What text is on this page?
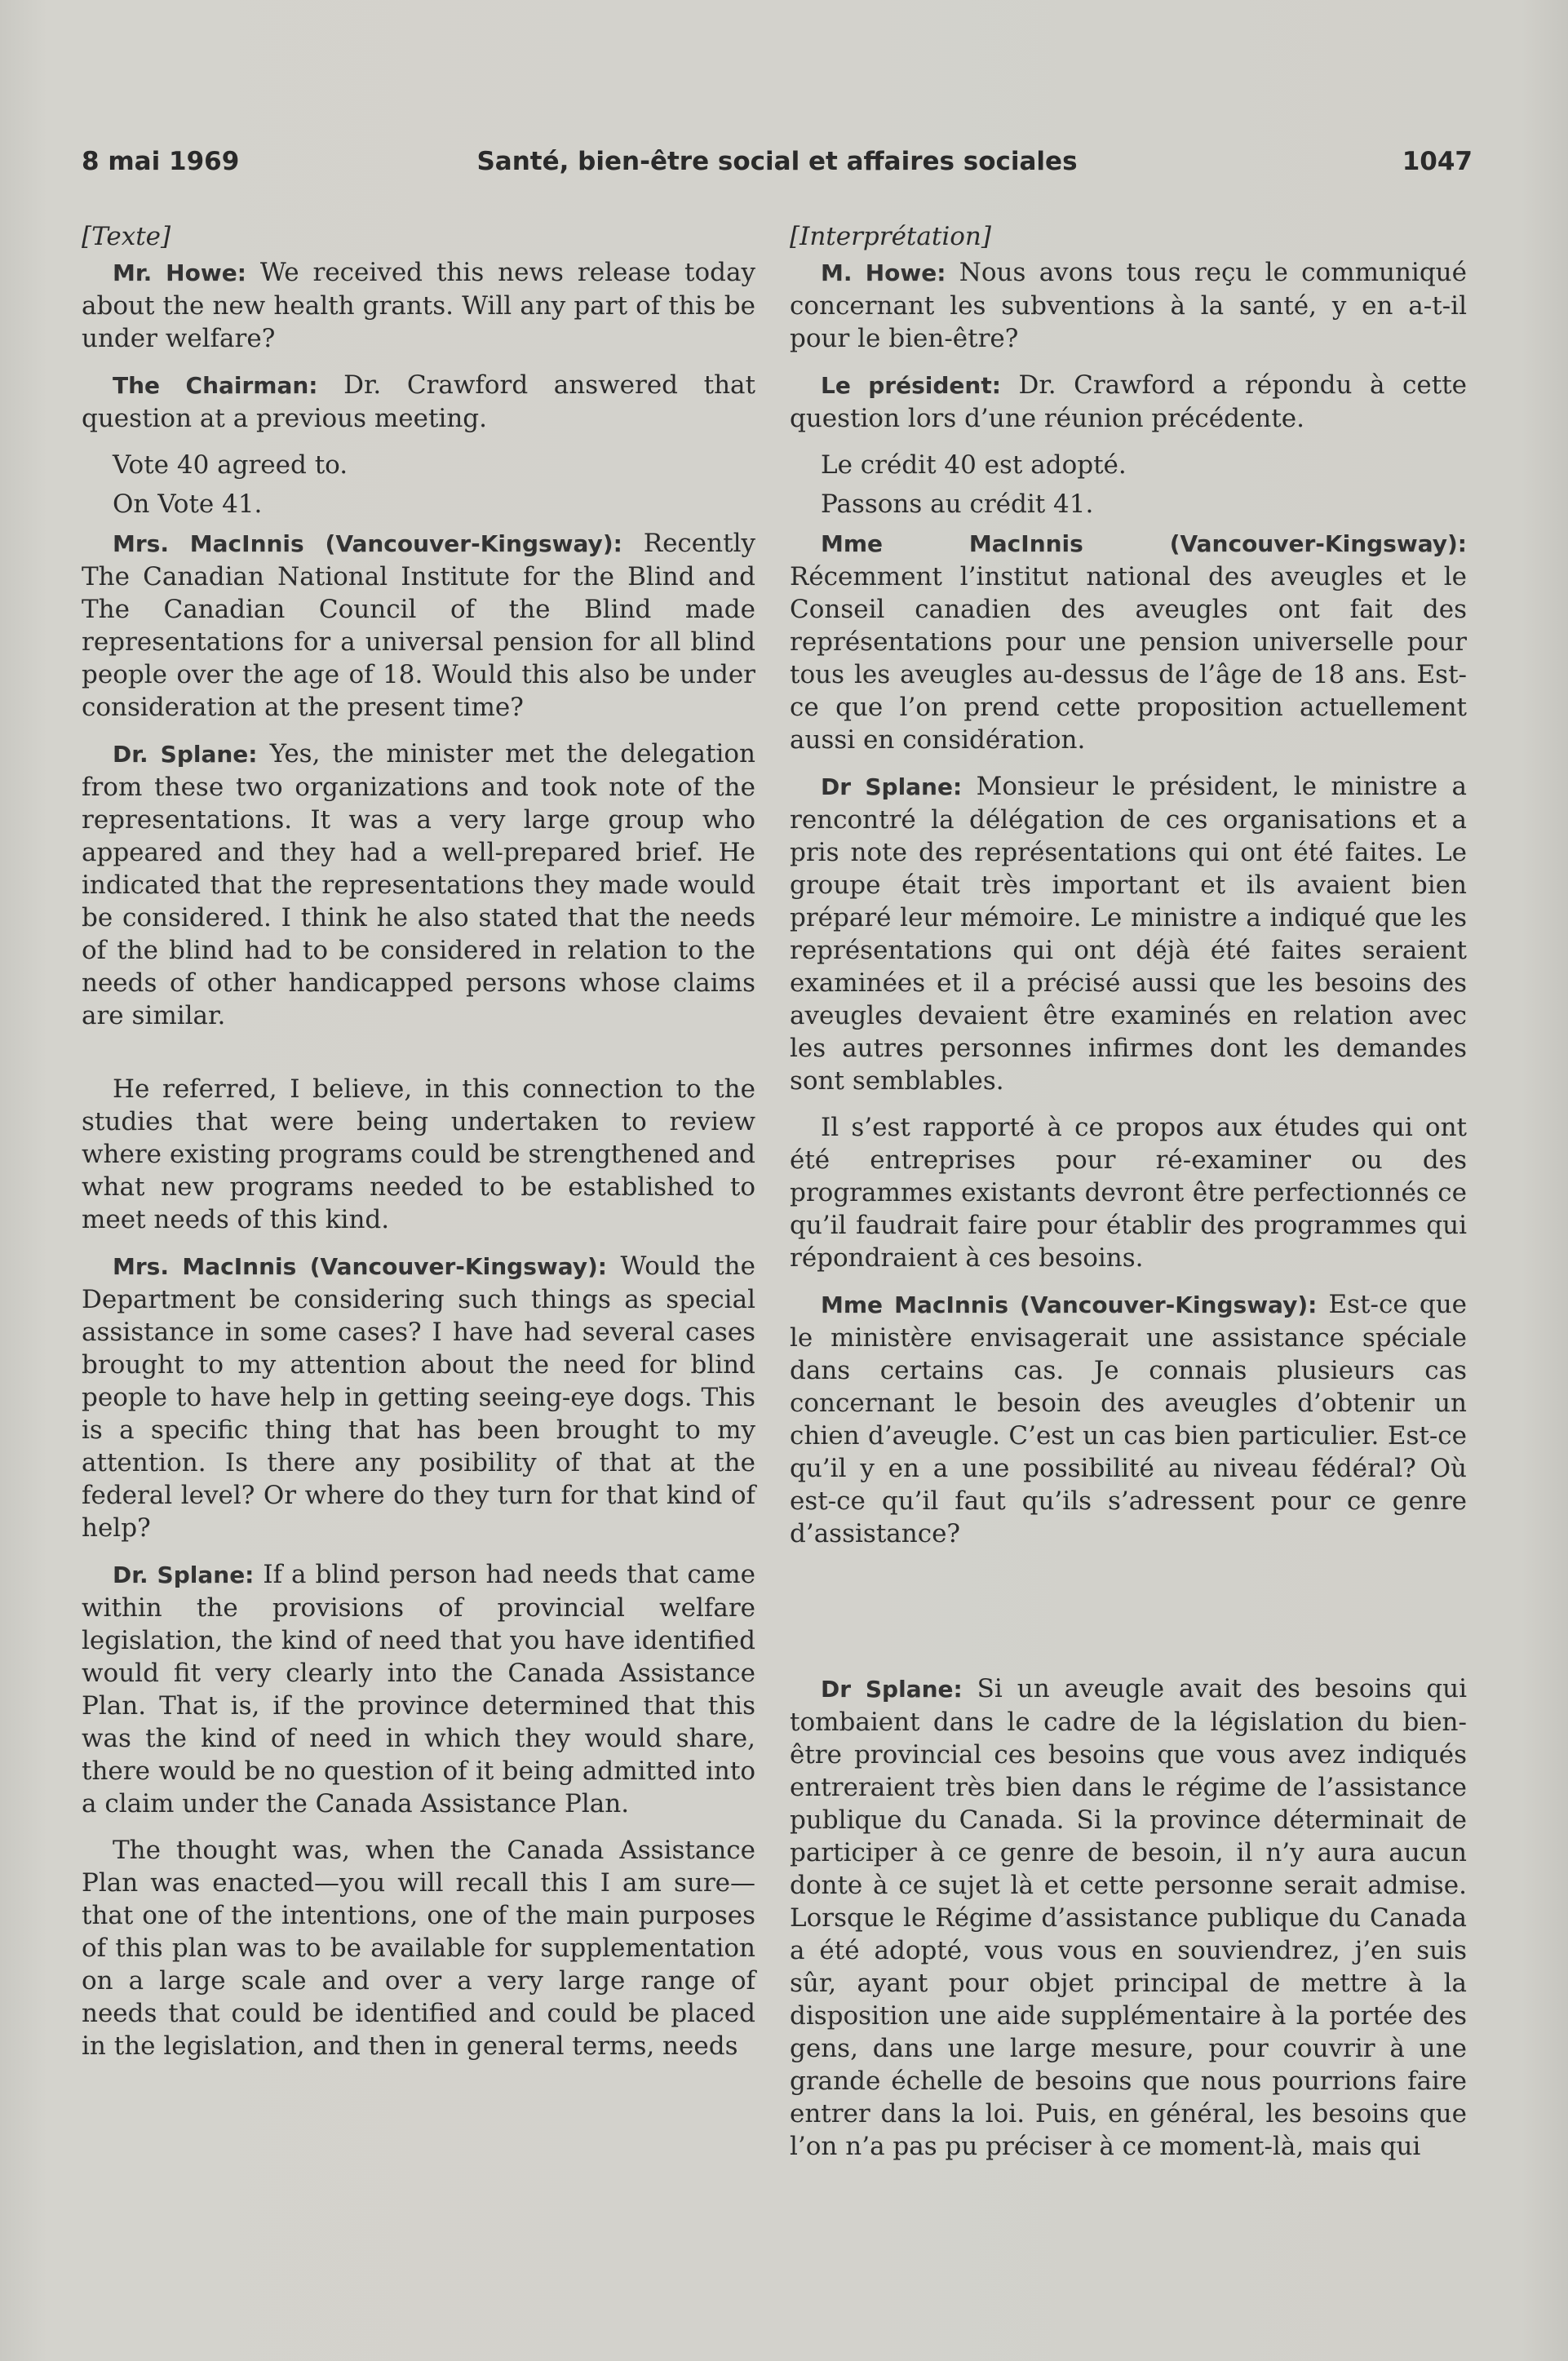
8 mai 1969	Santé, bien-être social et affaires sociales	1047

[Texte]

Mr. Howe: We received this news release today about the new health grants. Will any part of this be under welfare?

The Chairman: Dr. Crawford answered that question at a previous meeting.

Vote 40 agreed to.

On Vote 41.

Mrs. MacInnis (Vancouver-Kingsway): Recently The Canadian National Institute for the Blind and The Canadian Council of the Blind made representations for a universal pension for all blind people over the age of 18. Would this also be under consideration at the present time?

Dr. Splane: Yes, the minister met the delegation from these two organizations and took note of the representations. It was a very large group who appeared and they had a well-prepared brief. He indicated that the representations they made would be considered. I think he also stated that the needs of the blind had to be considered in relation to the needs of other handicapped persons whose claims are similar.

He referred, I believe, in this connection to the studies that were being undertaken to review where existing programs could be strengthened and what new programs needed to be established to meet needs of this kind.

Mrs. MacInnis (Vancouver-Kingsway): Would the Department be considering such things as special assistance in some cases? I have had several cases brought to my attention about the need for blind people to have help in getting seeing-eye dogs. This is a specific thing that has been brought to my attention. Is there any posibility of that at the federal level? Or where do they turn for that kind of help?

Dr. Splane: If a blind person had needs that came within the provisions of provincial welfare legislation, the kind of need that you have identified would fit very clearly into the Canada Assistance Plan. That is, if the province determined that this was the kind of need in which they would share, there would be no question of it being admitted into a claim under the Canada Assistance Plan.

The thought was, when the Canada Assistance Plan was enacted—you will recall this I am sure—that one of the intentions, one of the main purposes of this plan was to be available for supplementation on a large scale and over a very large range of needs that could be identified and could be placed in the legislation, and then in general terms, needs

[Interprétation]

M. Howe: Nous avons tous reçu le communiqué concernant les subventions à la santé, y en a-t-il pour le bien-être?

Le président: Dr. Crawford a répondu à cette question lors d’une réunion précédente.

Le crédit 40 est adopté.

Passons au crédit 41.

Mme MacInnis (Vancouver-Kingsway): Récemment l’institut national des aveugles et le Conseil canadien des aveugles ont fait des représentations pour une pension universelle pour tous les aveugles au-dessus de l’âge de 18 ans. Est-ce que l’on prend cette proposition actuellement aussi en considération.

Dr Splane: Monsieur le président, le ministre a rencontré la délégation de ces organisations et a pris note des représentations qui ont été faites. Le groupe était très important et ils avaient bien préparé leur mémoire. Le ministre a indiqué que les représentations qui ont déjà été faites seraient examinées et il a précisé aussi que les besoins des aveugles devaient être examinés en relation avec les autres personnes infirmes dont les demandes sont semblables.

Il s’est rapporté à ce propos aux études qui ont été entreprises pour ré-examiner ou des programmes existants devront être perfectionnés ce qu’il faudrait faire pour établir des programmes qui répondraient à ces besoins.

Mme MacInnis (Vancouver-Kingsway): Est-ce que le ministère envisagerait une assistance spéciale dans certains cas. Je connais plusieurs cas concernant le besoin des aveugles d’obtenir un chien d’aveugle. C’est un cas bien particulier. Est-ce qu’il y en a une possibilité au niveau fédéral? Où est-ce qu’il faut qu’ils s’adressent pour ce genre d’assistance?

Dr Splane: Si un aveugle avait des besoins qui tombaient dans le cadre de la législation du bien-être provincial ces besoins que vous avez indiqués entreraient très bien dans le régime de l’assistance publique du Canada. Si la province déterminait de participer à ce genre de besoin, il n’y aura aucun donte à ce sujet là et cette personne serait admise. Lorsque le Régime d’assistance publique du Canada a été adopté, vous vous en souviendrez, j’en suis sûr, ayant pour objet principal de mettre à la disposition une aide supplémentaire à la portée des gens, dans une large mesure, pour couvrir à une grande échelle de besoins que nous pourrions faire entrer dans la loi. Puis, en général, les besoins que l’on n’a pas pu préciser à ce moment-là, mais qui
